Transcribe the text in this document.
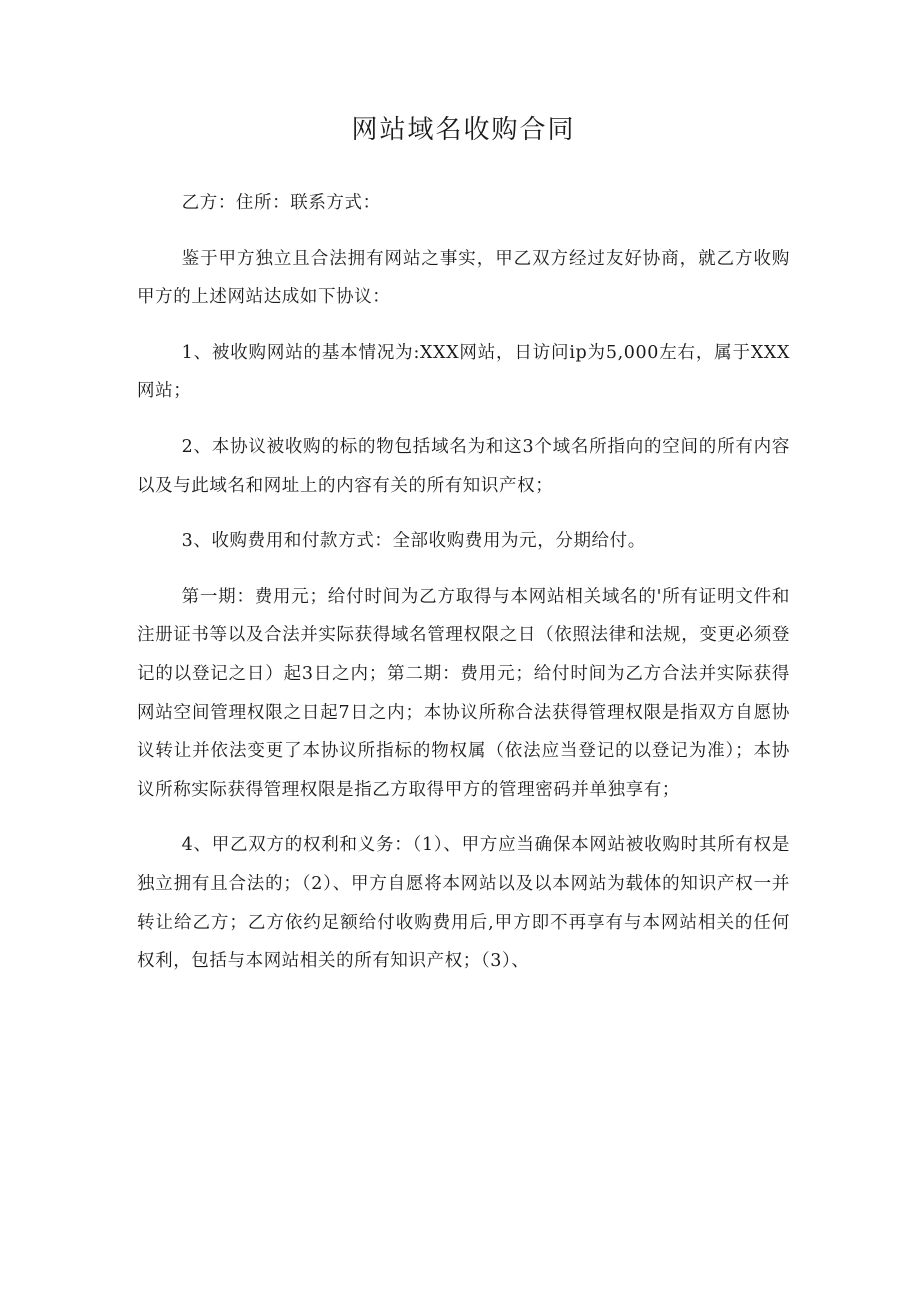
网站域名收购合同

乙方：住所：联系方式：

鉴于甲方独立且合法拥有网站之事实，甲乙双方经过友好协商，就乙方收购甲方的上述网站达成如下协议：

1、被收购网站的基本情况为:XXX网站，日访问ip为5,000左右，属于XXX网站；

2、本协议被收购的标的物包括域名为和这3个域名所指向的空间的所有内容以及与此域名和网址上的内容有关的所有知识产权；

3、收购费用和付款方式：全部收购费用为元，分期给付。

第一期：费用元；给付时间为乙方取得与本网站相关域名的'所有证明文件和注册证书等以及合法并实际获得域名管理权限之日（依照法律和法规，变更必须登记的以登记之日）起3日之内；第二期：费用元；给付时间为乙方合法并实际获得网站空间管理权限之日起7日之内；本协议所称合法获得管理权限是指双方自愿协议转让并依法变更了本协议所指标的物权属（依法应当登记的以登记为准）；本协议所称实际获得管理权限是指乙方取得甲方的管理密码并单独享有；

4、甲乙双方的权利和义务：（1）、甲方应当确保本网站被收购时其所有权是独立拥有且合法的；（2）、甲方自愿将本网站以及以本网站为载体的知识产权一并转让给乙方；乙方依约足额给付收购费用后,甲方即不再享有与本网站相关的任何权利，包括与本网站相关的所有知识产权；（3）、
